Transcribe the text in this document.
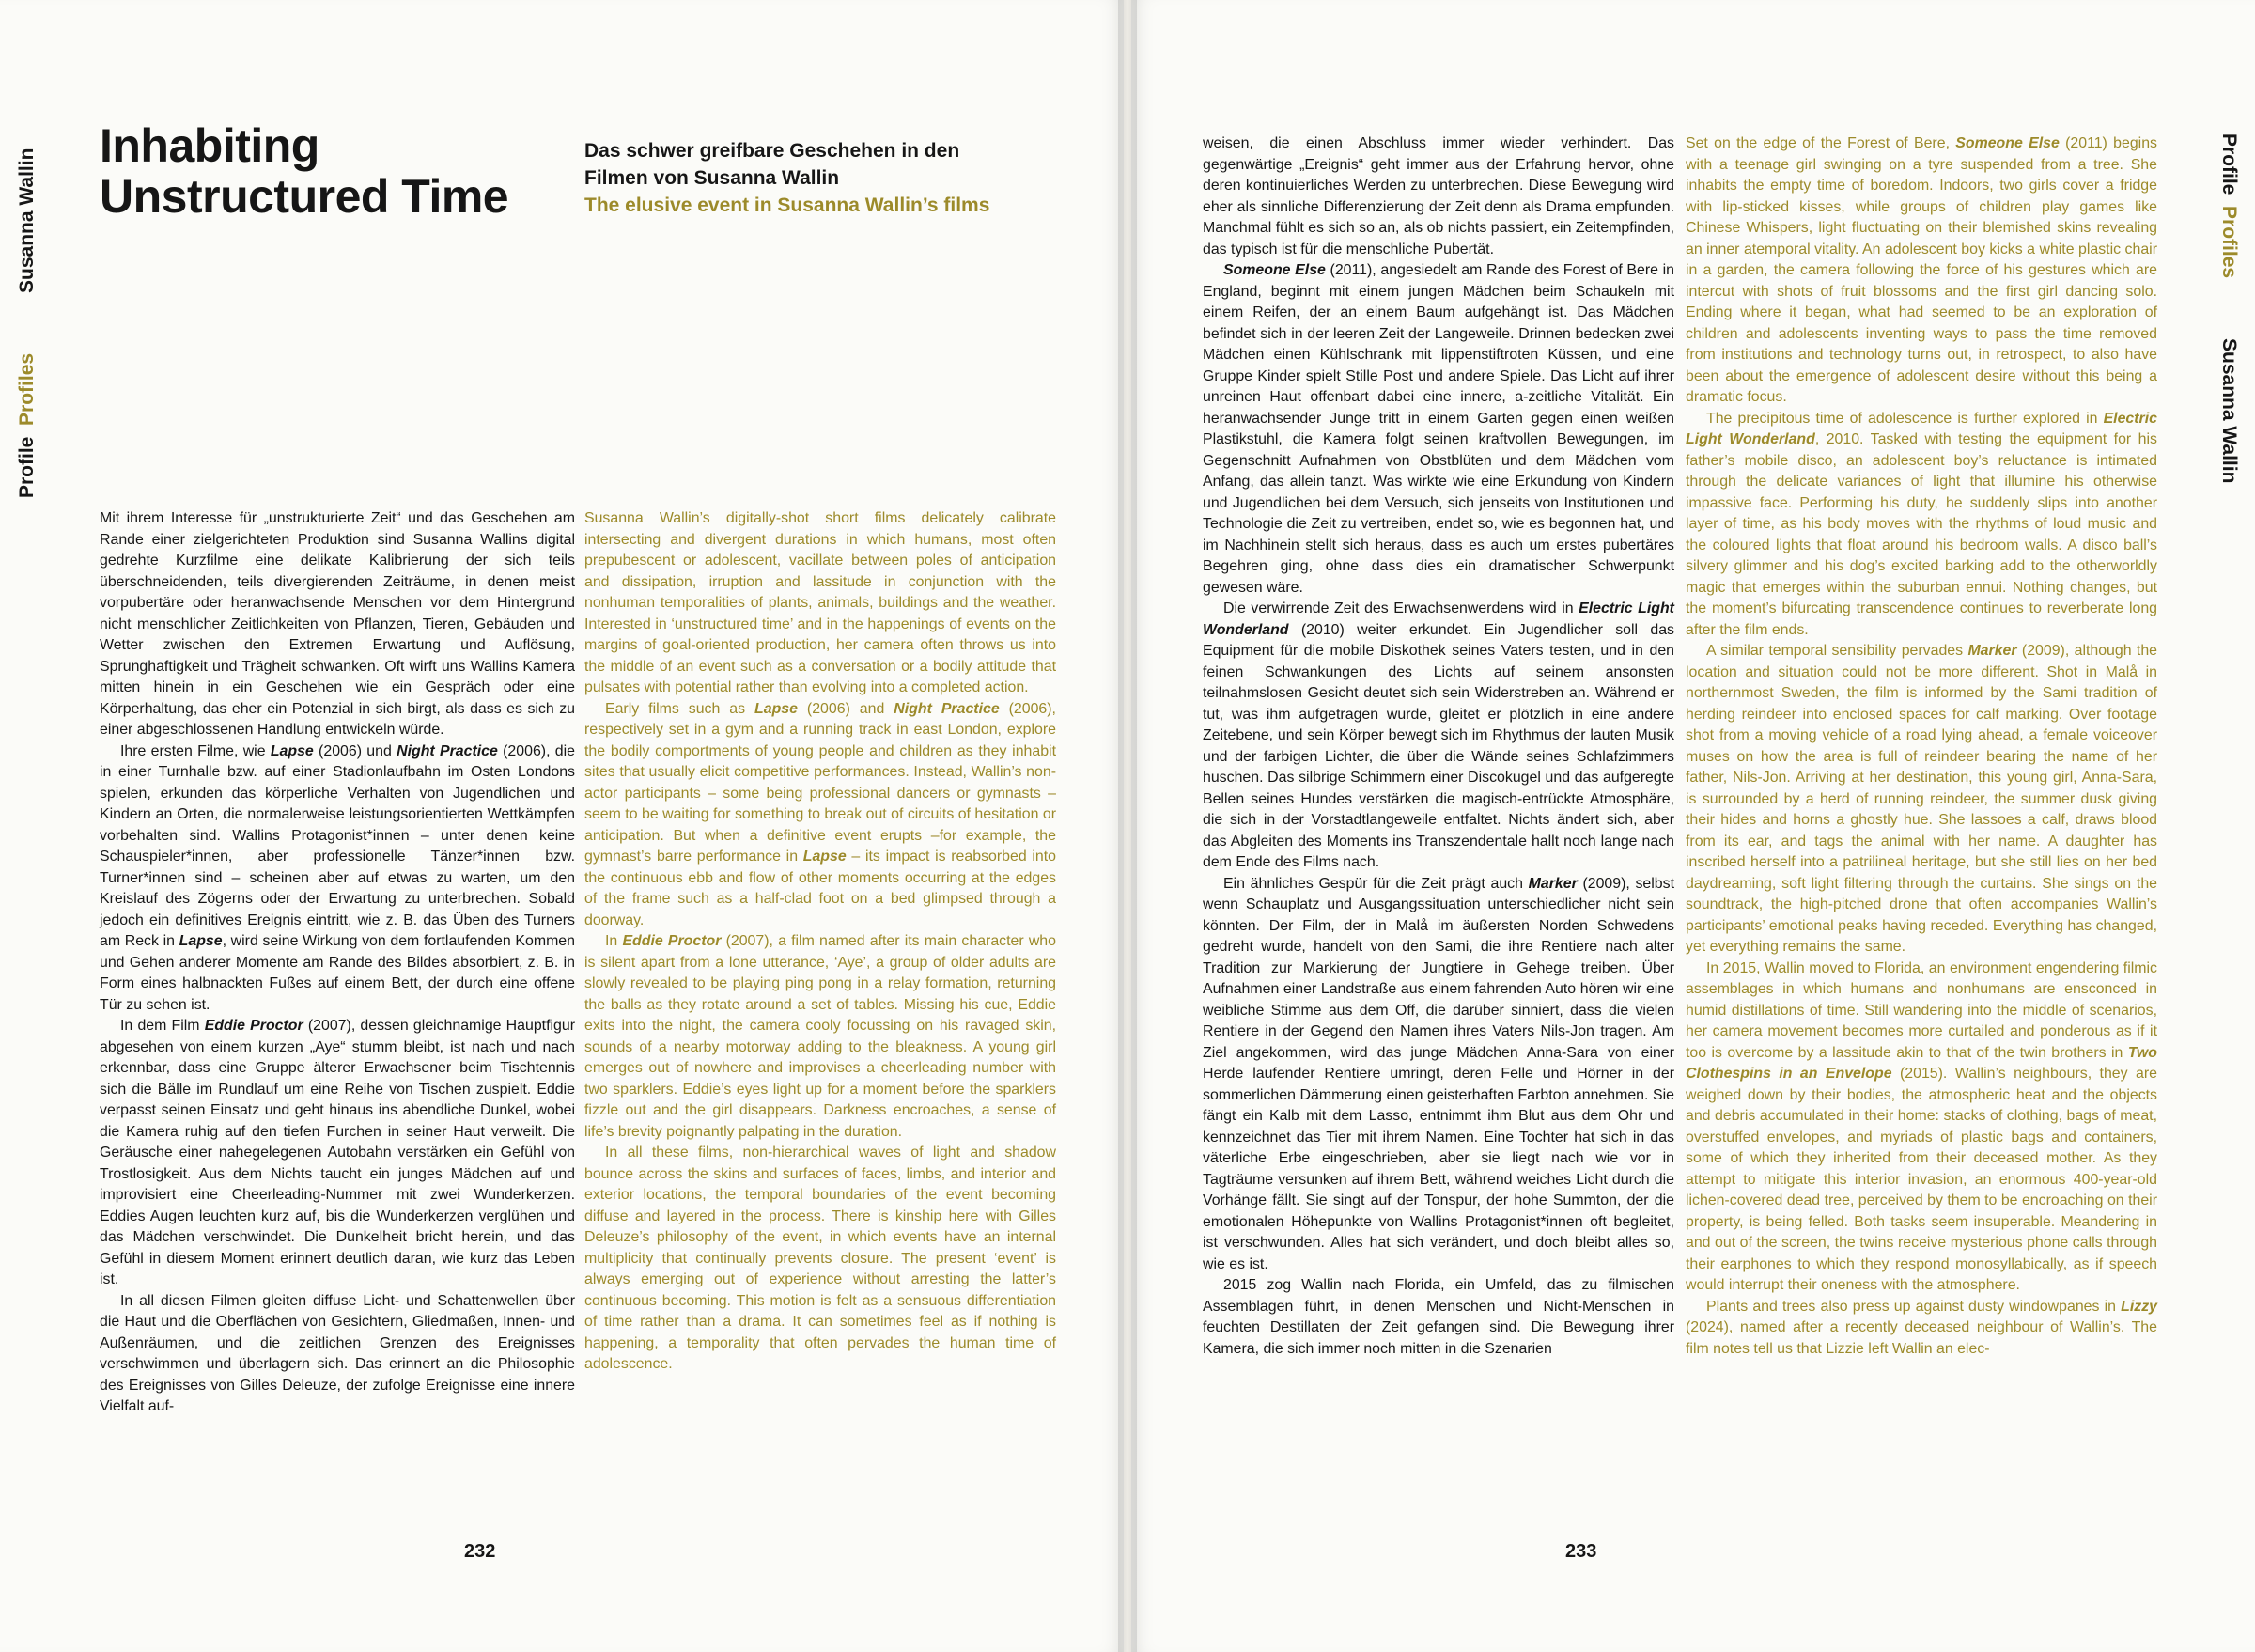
Susanna Wallin
Profile  Profiles
Profile  Profiles
Susanna Wallin
Inhabiting
Unstructured Time
Das schwer greifbare Geschehen in den
Filmen von Susanna Wallin
The elusive event in Susanna Wallin’s films

Mit ihrem Interesse für „unstrukturierte Zeit“ und das Geschehen am Rande einer zielgerichteten Produktion sind Susanna Wallins digital gedrehte Kurzfilme eine delikate Kalibrierung der sich teils überschneidenden, teils divergierenden Zeiträume, in denen meist vorpubertäre oder heranwachsende Menschen vor dem Hintergrund nicht menschlicher Zeitlichkeiten von Pflanzen, Tieren, Gebäuden und Wetter zwischen den Extremen Erwartung und Auflösung, Sprunghaftigkeit und Trägheit schwanken. Oft wirft uns Wallins Kamera mitten hinein in ein Geschehen wie ein Gespräch oder eine Körperhaltung, das eher ein Potenzial in sich birgt, als dass es sich zu einer abgeschlossenen Handlung entwickeln würde.

Ihre ersten Filme, wie Lapse (2006) und Night Practice (2006), die in einer Turnhalle bzw. auf einer Stadionlaufbahn im Osten Londons spielen, erkunden das körperliche Verhalten von Jugendlichen und Kindern an Orten, die normalerweise leistungsorientierten Wettkämpfen vorbehalten sind. Wallins Protagonist*innen – unter denen keine Schauspieler*innen, aber professionelle Tänzer*innen bzw. Turner*innen sind – scheinen aber auf etwas zu warten, um den Kreislauf des Zögerns oder der Erwartung zu unterbrechen. Sobald jedoch ein definitives Ereignis eintritt, wie z. B. das Üben des Turners am Reck in Lapse, wird seine Wirkung von dem fortlaufenden Kommen und Gehen anderer Momente am Rande des Bildes absorbiert, z. B. in Form eines halbnackten Fußes auf einem Bett, der durch eine offene Tür zu sehen ist.

In dem Film Eddie Proctor (2007), dessen gleichnamige Hauptfigur abgesehen von einem kurzen „Aye“ stumm bleibt, ist nach und nach erkennbar, dass eine Gruppe älterer Erwachsener beim Tischtennis sich die Bälle im Rundlauf um eine Reihe von Tischen zuspielt. Eddie verpasst seinen Einsatz und geht hinaus ins abendliche Dunkel, wobei die Kamera ruhig auf den tiefen Furchen in seiner Haut verweilt. Die Geräusche einer nahegelegenen Autobahn verstärken ein Gefühl von Trostlosigkeit. Aus dem Nichts taucht ein junges Mädchen auf und improvisiert eine Cheerleading-Nummer mit zwei Wunderkerzen. Eddies Augen leuchten kurz auf, bis die Wunderkerzen verglühen und das Mädchen verschwindet. Die Dunkelheit bricht herein, und das Gefühl in diesem Moment erinnert deutlich daran, wie kurz das Leben ist.

In all diesen Filmen gleiten diffuse Licht- und Schattenwellen über die Haut und die Oberflächen von Gesichtern, Gliedmaßen, Innen- und Außenräumen, und die zeitlichen Grenzen des Ereignisses verschwimmen und überlagern sich. Das erinnert an die Philosophie des Ereignisses von Gilles Deleuze, der zufolge Ereignisse eine innere Vielfalt auf-

Susanna Wallin’s digitally-shot short films delicately calibrate intersecting and divergent durations in which humans, most often prepubescent or adolescent, vacillate between poles of anticipation and dissipation, irruption and lassitude in conjunction with the nonhuman temporalities of plants, animals, buildings and the weather. Interested in ‘unstructured time’ and in the happenings of events on the margins of goal-oriented production, her camera often throws us into the middle of an event such as a conversation or a bodily attitude that pulsates with potential rather than evolving into a completed action.

Early films such as Lapse (2006) and Night Practice (2006), respectively set in a gym and a running track in east London, explore the bodily comportments of young people and children as they inhabit sites that usually elicit competitive performances. Instead, Wallin’s non-actor participants – some being professional dancers or gymnasts –seem to be waiting for something to break out of circuits of hesitation or anticipation. But when a definitive event erupts –for example, the gymnast’s barre performance in Lapse – its impact is reabsorbed into the continuous ebb and flow of other moments occurring at the edges of the frame such as a half-clad foot on a bed glimpsed through a doorway.

In Eddie Proctor (2007), a film named after its main character who is silent apart from a lone utterance, ‘Aye’, a group of older adults are slowly revealed to be playing ping pong in a relay formation, returning the balls as they rotate around a set of tables. Missing his cue, Eddie exits into the night, the camera cooly focussing on his ravaged skin, sounds of a nearby motorway adding to the bleakness. A young girl emerges out of nowhere and improvises a cheerleading number with two sparklers. Eddie’s eyes light up for a moment before the sparklers fizzle out and the girl disappears. Darkness encroaches, a sense of life’s brevity poignantly palpating in the duration.

In all these films, non-hierarchical waves of light and shadow bounce across the skins and surfaces of faces, limbs, and interior and exterior locations, the temporal boundaries of the event becoming diffuse and layered in the process. There is kinship here with Gilles Deleuze’s philosophy of the event, in which events have an internal multiplicity that continually prevents closure. The present ‘event’ is always emerging out of experience without arresting the latter’s continuous becoming. This motion is felt as a sensuous differentiation of time rather than a drama. It can sometimes feel as if nothing is happening, a temporality that often pervades the human time of adolescence.

weisen, die einen Abschluss immer wieder verhindert. Das gegenwärtige „Ereignis“ geht immer aus der Erfahrung hervor, ohne deren kontinuierliches Werden zu unterbrechen. Diese Bewegung wird eher als sinnliche Differenzierung der Zeit denn als Drama empfunden. Manchmal fühlt es sich so an, als ob nichts passiert, ein Zeitempfinden, das typisch ist für die menschliche Pubertät.

Someone Else (2011), angesiedelt am Rande des Forest of Bere in England, beginnt mit einem jungen Mädchen beim Schaukeln mit einem Reifen, der an einem Baum aufgehängt ist. Das Mädchen befindet sich in der leeren Zeit der Langeweile. Drinnen bedecken zwei Mädchen einen Kühlschrank mit lippenstiftroten Küssen, und eine Gruppe Kinder spielt Stille Post und andere Spiele. Das Licht auf ihrer unreinen Haut offenbart dabei eine innere, a-zeitliche Vitalität. Ein heranwachsender Junge tritt in einem Garten gegen einen weißen Plastikstuhl, die Kamera folgt seinen kraftvollen Bewegungen, im Gegenschnitt Aufnahmen von Obstblüten und dem Mädchen vom Anfang, das allein tanzt. Was wirkte wie eine Erkundung von Kindern und Jugendlichen bei dem Versuch, sich jenseits von Institutionen und Technologie die Zeit zu vertreiben, endet so, wie es begonnen hat, und im Nachhinein stellt sich heraus, dass es auch um erstes pubertäres Begehren ging, ohne dass dies ein dramatischer Schwerpunkt gewesen wäre.

Die verwirrende Zeit des Erwachsenwerdens wird in Electric Light Wonderland (2010) weiter erkundet. Ein Jugendlicher soll das Equipment für die mobile Diskothek seines Vaters testen, und in den feinen Schwankungen des Lichts auf seinem ansonsten teilnahmslosen Gesicht deutet sich sein Widerstreben an. Während er tut, was ihm aufgetragen wurde, gleitet er plötzlich in eine andere Zeitebene, und sein Körper bewegt sich im Rhythmus der lauten Musik und der farbigen Lichter, die über die Wände seines Schlafzimmers huschen. Das silbrige Schimmern einer Discokugel und das aufgeregte Bellen seines Hundes verstärken die magisch-entrückte Atmosphäre, die sich in der Vorstadtlangeweile entfaltet. Nichts ändert sich, aber das Abgleiten des Moments ins Transzendentale hallt noch lange nach dem Ende des Films nach.

Ein ähnliches Gespür für die Zeit prägt auch Marker (2009), selbst wenn Schauplatz und Ausgangssituation unterschiedlicher nicht sein könnten. Der Film, der in Malå im äußersten Norden Schwedens gedreht wurde, handelt von den Sami, die ihre Rentiere nach alter Tradition zur Markierung der Jungtiere in Gehege treiben. Über Aufnahmen einer Landstraße aus einem fahrenden Auto hören wir eine weibliche Stimme aus dem Off, die darüber sinniert, dass die vielen Rentiere in der Gegend den Namen ihres Vaters Nils-Jon tragen. Am Ziel angekommen, wird das junge Mädchen Anna-Sara von einer Herde laufender Rentiere umringt, deren Felle und Hörner in der sommerlichen Dämmerung einen geisterhaften Farbton annehmen. Sie fängt ein Kalb mit dem Lasso, entnimmt ihm Blut aus dem Ohr und kennzeichnet das Tier mit ihrem Namen. Eine Tochter hat sich in das väterliche Erbe eingeschrieben, aber sie liegt nach wie vor in Tagträume versunken auf ihrem Bett, während weiches Licht durch die Vorhänge fällt. Sie singt auf der Tonspur, der hohe Summton, der die emotionalen Höhepunkte von Wallins Protagonist*innen oft begleitet, ist verschwunden. Alles hat sich verändert, und doch bleibt alles so, wie es ist.

2015 zog Wallin nach Florida, ein Umfeld, das zu filmischen Assemblagen führt, in denen Menschen und Nicht-Menschen in feuchten Destillaten der Zeit gefangen sind. Die Bewegung ihrer Kamera, die sich immer noch mitten in die Szenarien

Set on the edge of the Forest of Bere, Someone Else (2011) begins with a teenage girl swinging on a tyre suspended from a tree. She inhabits the empty time of boredom. Indoors, two girls cover a fridge with lip-sticked kisses, while groups of children play games like Chinese Whispers, light fluctuating on their blemished skins revealing an inner atemporal vitality. An adolescent boy kicks a white plastic chair in a garden, the camera following the force of his gestures which are intercut with shots of fruit blossoms and the first girl dancing solo. Ending where it began, what had seemed to be an exploration of children and adolescents inventing ways to pass the time removed from institutions and technology turns out, in retrospect, to also have been about the emergence of adolescent desire without this being a dramatic focus.

The precipitous time of adolescence is further explored in Electric Light Wonderland, 2010. Tasked with testing the equipment for his father’s mobile disco, an adolescent boy’s reluctance is intimated through the delicate variances of light that illumine his otherwise impassive face. Performing his duty, he suddenly slips into another layer of time, as his body moves with the rhythms of loud music and the coloured lights that float around his bedroom walls. A disco ball’s silvery glimmer and his dog’s excited barking add to the otherworldly magic that emerges within the suburban ennui. Nothing changes, but the moment’s bifurcating transcendence continues to reverberate long after the film ends.

A similar temporal sensibility pervades Marker (2009), although the location and situation could not be more different. Shot in Malå in northernmost Sweden, the film is informed by the Sami tradition of herding reindeer into enclosed spaces for calf marking. Over footage shot from a moving vehicle of a road lying ahead, a female voiceover muses on how the area is full of reindeer bearing the name of her father, Nils-Jon. Arriving at her destination, this young girl, Anna-Sara, is surrounded by a herd of running reindeer, the summer dusk giving their hides and horns a ghostly hue. She lassoes a calf, draws blood from its ear, and tags the animal with her name. A daughter has inscribed herself into a patrilineal heritage, but she still lies on her bed daydreaming, soft light filtering through the curtains. She sings on the soundtrack, the high-pitched drone that often accompanies Wallin’s participants’ emotional peaks having receded. Everything has changed, yet everything remains the same.

In 2015, Wallin moved to Florida, an environment engendering filmic assemblages in which humans and nonhumans are ensconced in humid distillations of time. Still wandering into the middle of scenarios, her camera movement becomes more curtailed and ponderous as if it too is overcome by a lassitude akin to that of the twin brothers in Two Clothespins in an Envelope (2015). Wallin’s neighbours, they are weighed down by their bodies, the atmospheric heat and the objects and debris accumulated in their home: stacks of clothing, bags of meat, overstuffed envelopes, and myriads of plastic bags and containers, some of which they inherited from their deceased mother. As they attempt to mitigate this interior invasion, an enormous 400-year-old lichen-covered dead tree, perceived by them to be encroaching on their property, is being felled. Both tasks seem insuperable. Meandering in and out of the screen, the twins receive mysterious phone calls through their earphones to which they respond monosyllabically, as if speech would interrupt their oneness with the atmosphere.

Plants and trees also press up against dusty windowpanes in Lizzy (2024), named after a recently deceased neighbour of Wallin’s. The film notes tell us that Lizzie left Wallin an elec-

232	233
